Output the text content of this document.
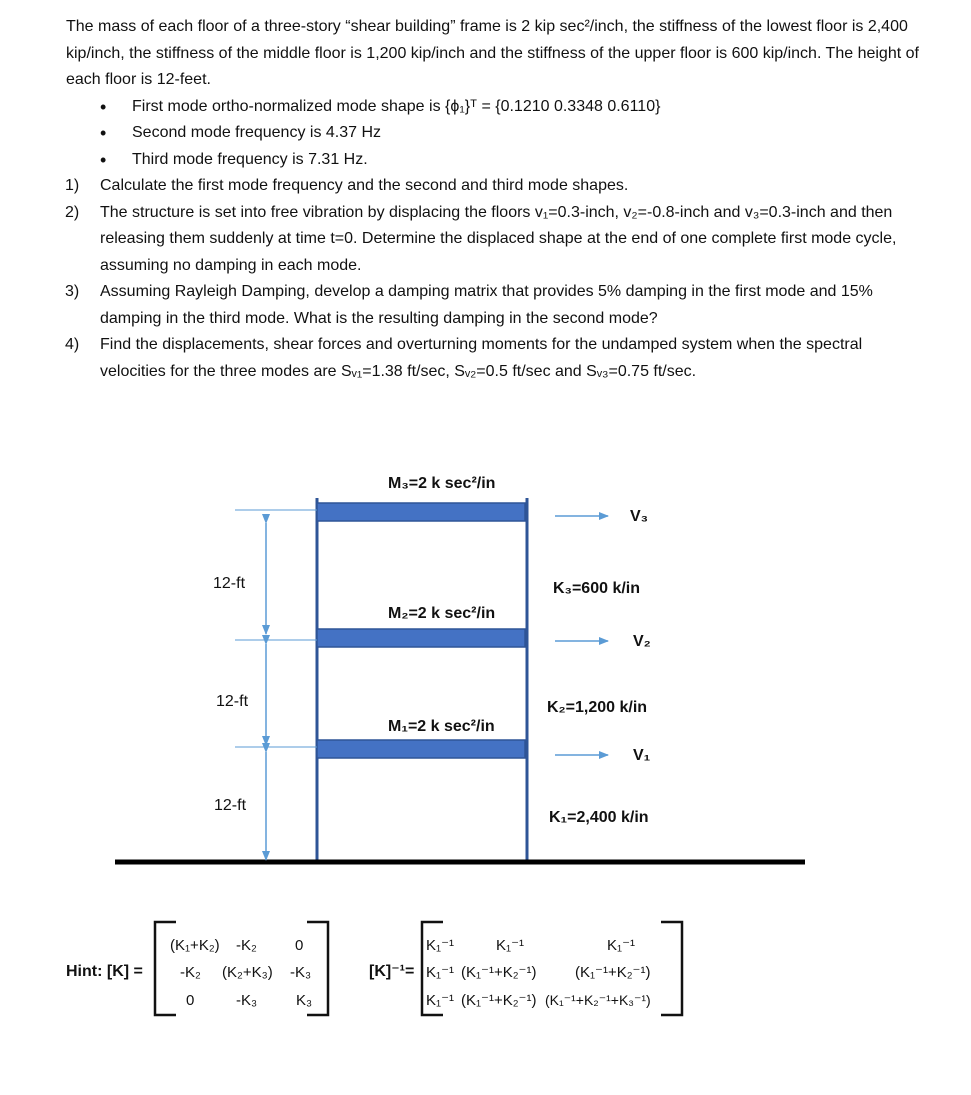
The mass of each floor of a three-story “shear building” frame is 2 kip sec²/inch, the stiffness of the lowest floor is 2,400 kip/inch, the stiffness of the middle floor is 1,200 kip/inch and the stiffness of the upper floor is 600 kip/inch. The height of each floor is 12-feet.

• First mode ortho-normalized mode shape is {ϕ₁}ᵀ = {0.1210 0.3348 0.6110}
• Second mode frequency is 4.37 Hz
• Third mode frequency is 7.31 Hz.
1) Calculate the first mode frequency and the second and third mode shapes.
2) The structure is set into free vibration by displacing the floors v₁=0.3-inch, v₂=-0.8-inch and v₃=0.3-inch and then releasing them suddenly at time t=0. Determine the displaced shape at the end of one complete first mode cycle, assuming no damping in each mode.
3) Assuming Rayleigh Damping, develop a damping matrix that provides 5% damping in the first mode and 15% damping in the third mode. What is the resulting damping in the second mode?
4) Find the displacements, shear forces and overturning moments for the undamped system when the spectral velocities for the three modes are Sᵥ₁=1.38 ft/sec, Sᵥ₂=0.5 ft/sec and Sᵥ₃=0.75 ft/sec.
M₃=2 k sec²/in
M₂=2 k sec²/in
M₁=2 k sec²/in
V₃
V₂
V₁
K₃=600 k/in
K₂=1,200 k/in
K₁=2,400 k/in
12-ft
12-ft
12-ft
Hint: [K] =
(K₁+K₂) -K₂	0
-K₂ (K₂+K₃) -K₃
0	-K₃	K₃
[K]⁻¹=
K₁⁻¹	K₁⁻¹	K₁⁻¹
K₁⁻¹ (K₁⁻¹+K₂⁻¹)	(K₁⁻¹+K₂⁻¹)
K₁⁻¹ (K₁⁻¹+K₂⁻¹) (K₁⁻¹+K₂⁻¹+K₃⁻¹)
